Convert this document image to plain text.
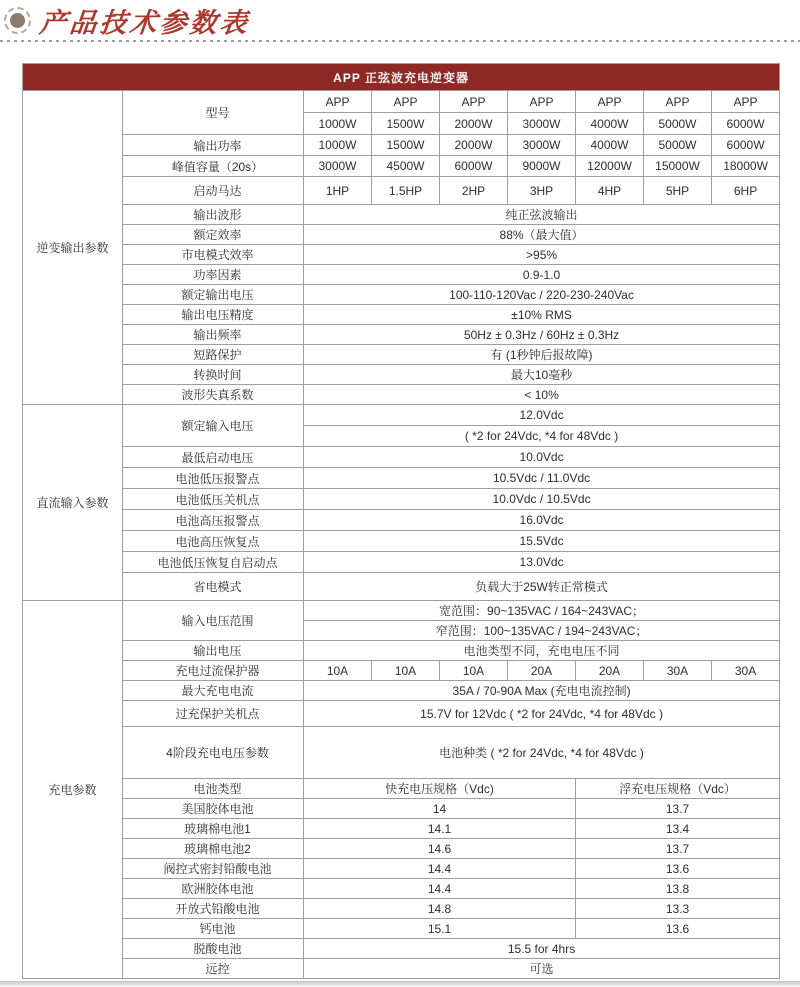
产品技术参数表
APP 正弦波充电逆变器								
逆变输出参数	型号	APP	APP	APP	APP	APP	APP	APP
		1000W	1500W	2000W	3000W	4000W	5000W	6000W
	输出功率	1000W	1500W	2000W	3000W	4000W	5000W	6000W
	峰值容量（20s）	3000W	4500W	6000W	9000W	12000W	15000W	18000W
	启动马达	1HP	1.5HP	2HP	3HP	4HP	5HP	6HP
	输出波形	纯正弦波输出						
	额定效率	88%（最大值）						
	市电模式效率	>95%						
	功率因素	0.9-1.0						
	额定输出电压	100-110-120Vac / 220-230-240Vac						
	输出电压精度	±10% RMS						
	输出频率	50Hz ± 0.3Hz / 60Hz ± 0.3Hz						
	短路保护	有 (1秒钟后报故障)						
	转换时间	最大10毫秒						
	波形失真系数	< 10%						
直流输入参数	额定输入电压	12.0Vdc						
		( *2 for 24Vdc, *4 for 48Vdc )						
	最低启动电压	10.0Vdc						
	电池低压报警点	10.5Vdc / 11.0Vdc						
	电池低压关机点	10.0Vdc / 10.5Vdc						
	电池高压报警点	16.0Vdc						
	电池高压恢复点	15.5Vdc						
	电池低压恢复自启动点	13.0Vdc						
	省电模式	负载大于25W转正常模式						
充电参数	输入电压范围	宽范围：90~135VAC / 164~243VAC；						
		窄范围：100~135VAC / 194~243VAC；						
	输出电压	电池类型不同，充电电压不同						
	充电过流保护器	10A	10A	10A	20A	20A	30A	30A
	最大充电电流	35A / 70-90A Max (充电电流控制)						
	过充保护关机点	15.7V for 12Vdc ( *2 for 24Vdc, *4 for 48Vdc )						
	4阶段充电电压参数	电池种类 ( *2 for 24Vdc, *4 for 48Vdc )						
	电池类型	快充电压规格（Vdc)				浮充电压规格（Vdc）		
	美国胶体电池	14				13.7		
	玻璃棉电池1	14.1				13.4		
	玻璃棉电池2	14.6				13.7		
	阀控式密封铅酸电池	14.4				13.6		
	欧洲胶体电池	14.4				13.8		
	开放式铅酸电池	14.8				13.3		
	钙电池	15.1				13.6		
	脱酸电池	15.5 for 4hrs						
	远控	可选						
